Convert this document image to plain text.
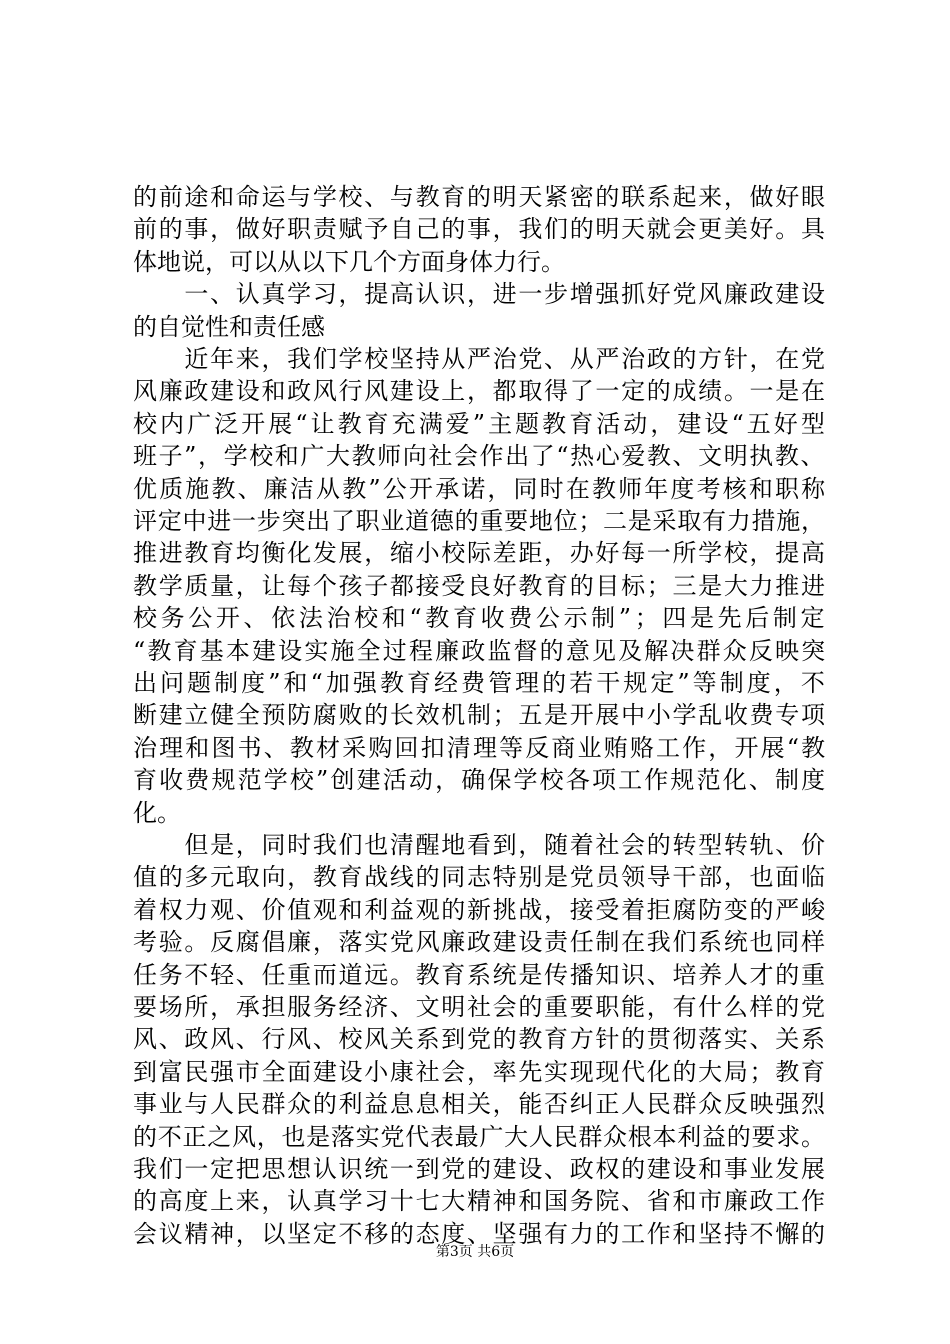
的前途和命运与学校、与教育的明天紧密的联系起来，做好眼
前的事，做好职责赋予自己的事，我们的明天就会更美好。具
体地说，可以从以下几个方面身体力行。
　　一、认真学习，提高认识，进一步增强抓好党风廉政建设
的自觉性和责任感
　　近年来，我们学校坚持从严治党、从严治政的方针，在党
风廉政建设和政风行风建设上，都取得了一定的成绩。一是在
校内广泛开展“让教育充满爱”主题教育活动，建设“五好型
班子”，学校和广大教师向社会作出了“热心爱教、文明执教、
优质施教、廉洁从教”公开承诺，同时在教师年度考核和职称
评定中进一步突出了职业道德的重要地位；二是采取有力措施，
推进教育均衡化发展，缩小校际差距，办好每一所学校，提高
教学质量，让每个孩子都接受良好教育的目标；三是大力推进
校务公开、依法治校和“教育收费公示制”；四是先后制定
“教育基本建设实施全过程廉政监督的意见及解决群众反映突
出问题制度”和“加强教育经费管理的若干规定”等制度，不
断建立健全预防腐败的长效机制；五是开展中小学乱收费专项
治理和图书、教材采购回扣清理等反商业贿赂工作，开展“教
育收费规范学校”创建活动，确保学校各项工作规范化、制度
化。
　　但是，同时我们也清醒地看到，随着社会的转型转轨、价
值的多元取向，教育战线的同志特别是党员领导干部，也面临
着权力观、价值观和利益观的新挑战，接受着拒腐防变的严峻
考验。反腐倡廉，落实党风廉政建设责任制在我们系统也同样
任务不轻、任重而道远。教育系统是传播知识、培养人才的重
要场所，承担服务经济、文明社会的重要职能，有什么样的党
风、政风、行风、校风关系到党的教育方针的贯彻落实、关系
到富民强市全面建设小康社会，率先实现现代化的大局；教育
事业与人民群众的利益息息相关，能否纠正人民群众反映强烈
的不正之风，也是落实党代表最广大人民群众根本利益的要求。
我们一定把思想认识统一到党的建设、政权的建设和事业发展
的高度上来，认真学习十七大精神和国务院、省和市廉政工作
会议精神，以坚定不移的态度、坚强有力的工作和坚持不懈的
第3页 共6页
